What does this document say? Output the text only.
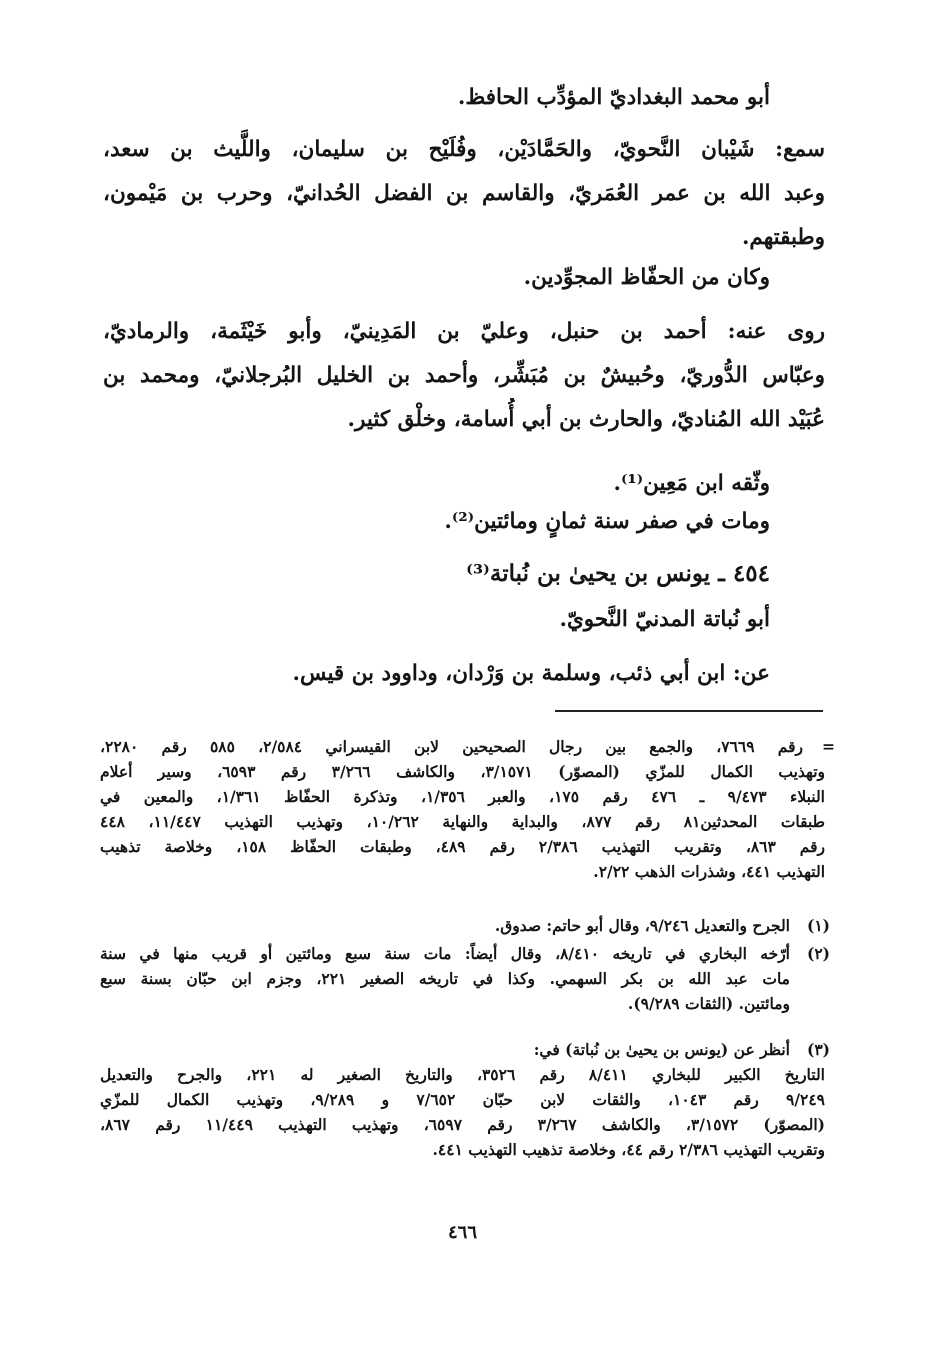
أبو محمد البغداديّ المؤدِّب الحافظ.
سمع: شَيْبان النَّحويّ، والحَمَّادَيْن، وفُلَيْح بن سليمان، واللَّيث بن سعد،
وعبد الله بن عمر العُمَريّ، والقاسم بن الفضل الحُدانيّ، وحرب بن مَيْمون،
وطبقتهم.
وكان من الحفّاظ المجوِّدين.
روى عنه: أحمد بن حنبل، وعليّ بن المَدِينيّ، وأبو خَيْثَمة، والرماديّ،
وعبّاس الدُّوريّ، وحُبيشٌ بن مُبَشِّر، وأحمد بن الخليل البُرجلانيّ، ومحمد بن
عُبَيْد الله المُناديّ، والحارث بن أبي أُسامة، وخلْق كثير.
وثّقه ابن مَعِين⁽¹⁾.
ومات في صفر سنة ثمانٍ ومائتين⁽²⁾.
٤٥٤ ـ يونس بن يحيىٰ بن نُباتة⁽³⁾
أبو نُباتة المدنيّ النَّحويّ.
عن: ابن أبي ذئب، وسلمة بن وَرْدان، وداوود بن قيس.
=
رقم ٧٦٦٩، والجمع بين رجال الصحيحين لابن القيسراني ٢/٥٨٤، ٥٨٥ رقم ٢٢٨٠،
وتهذيب الكمال للمزّي (المصوّر) ٣/١٥٧١، والكاشف ٣/٢٦٦ رقم ٦٥٩٣، وسير أعلام
النبلاء ٩/٤٧٣ ـ ٤٧٦ رقم ١٧٥، والعبر ١/٣٥٦، وتذكرة الحفّاظ ١/٣٦١، والمعين في
طبقات المحدثين٨١ رقم ٨٧٧، والبداية والنهاية ١٠/٢٦٢، وتهذيب التهذيب ١١/٤٤٧، ٤٤٨
رقم ٨٦٣، وتقريب التهذيب ٢/٣٨٦ رقم ٤٨٩، وطبقات الحفّاظ ١٥٨، وخلاصة تذهيب
التهذيب ٤٤١، وشذرات الذهب ٢/٢٢.
(١)
الجرح والتعديل ٩/٢٤٦، وقال أبو حاتم: صدوق.
(٢)
أرّخه البخاري في تاريخه ٨/٤١٠، وقال أيضاً: مات سنة سبع ومائتين أو قريب منها في سنة
مات عبد الله بن بكر السهمي. وكذا في تاريخه الصغير ٢٢١، وجزم ابن حبّان بسنة سبع
ومائتين. (الثقات ٩/٢٨٩).
(٣)
أنظر عن (يونس بن يحيىٰ بن نُباتة) في:
التاريخ الكبير للبخاري ٨/٤١١ رقم ٣٥٢٦، والتاريخ الصغير له ٢٢١، والجرح والتعديل
٩/٢٤٩ رقم ١٠٤٣، والثقات لابن حبّان ٧/٦٥٢ و ٩/٢٨٩، وتهذيب الكمال للمزّي
(المصوّر) ٣/١٥٧٢، والكاشف ٣/٢٦٧ رقم ٦٥٩٧، وتهذيب التهذيب ١١/٤٤٩ رقم ٨٦٧،
وتقريب التهذيب ٢/٣٨٦ رقم ٤٤، وخلاصة تذهيب التهذيب ٤٤١.
٤٦٦
